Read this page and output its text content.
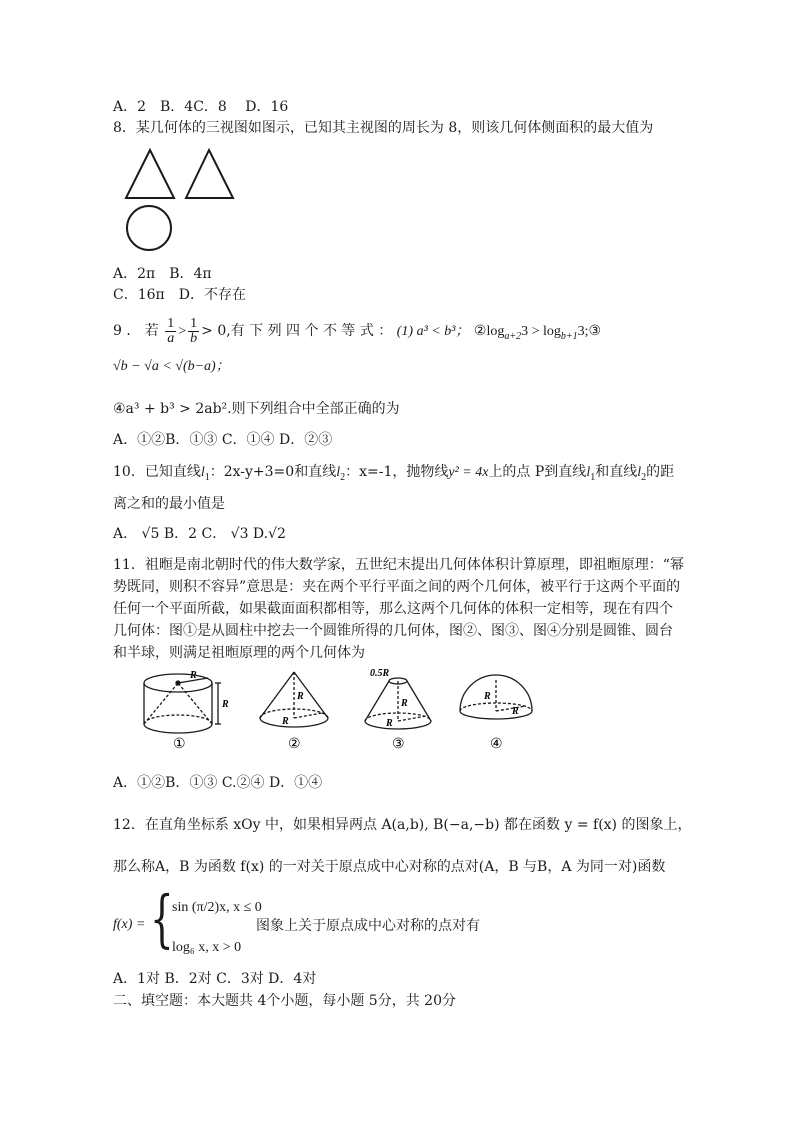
A．2　B．4C．8　 D．16
8．某几何体的三视图如图示，已知其主视图的周长为 8，则该几何体侧面积的最大值为
A．2π　B．4π
C．16π　D．不存在
9 ． 若 $\frac{1}{a} > \frac{1}{b} > 0$,有 下 列 四 个 不 等 式 ： (1) a³ < b³； $②\log_{a+2}3$ > $\log_{b+1}3;③$
√b − √a < √(b−a)；
④a³ + b³ > 2ab².则下列组合中全部正确的为
A．①②B．①③ C．①④ D．②③
10．已知直线$l_1$：2x-y+3=0和直线$l_2$：x=-1，抛物线y² = 4x上的点 P到直线$l_1$和直线$l_2$的距
离之和的最小值是
A． √5 B．2 C． √3 D.√2
11．祖暅是南北朝时代的伟大数学家，五世纪末提出几何体体积计算原理，即祖暅原理：“幂
势既同，则积不容异”意思是：夹在两个平行平面之间的两个几何体，被平行于这两个平面的
任何一个平面所截，如果截面面积都相等，那么这两个几何体的体积一定相等，现在有四个
几何体：图①是从圆柱中挖去一个圆锥所得的几何体，图②、图③、图④分别是圆锥、圆台
和半球，则满足祖暅原理的两个几何体为
R
R
①
R
R
②
0.5R
R
R
③
R
R
④
A．①②B．①③ C.②④ D．①④
12．在直角坐标系 xOy 中，如果相异两点 A(a,b), B(−a,−b) 都在函数 y = f(x) 的图象上，
那么称A，B 为函数 f(x) 的一对关于原点成中心对称的点对(A，B 与B，A 为同一对)函数
f(x) = {
sin (π/2)x, x ≤ 0
log₆ x, x > 0
图象上关于原点成中心对称的点对有
A．1对 B．2对 C．3对 D．4对
二、填空题：本大题共 4个小题，每小题 5分，共 20分
